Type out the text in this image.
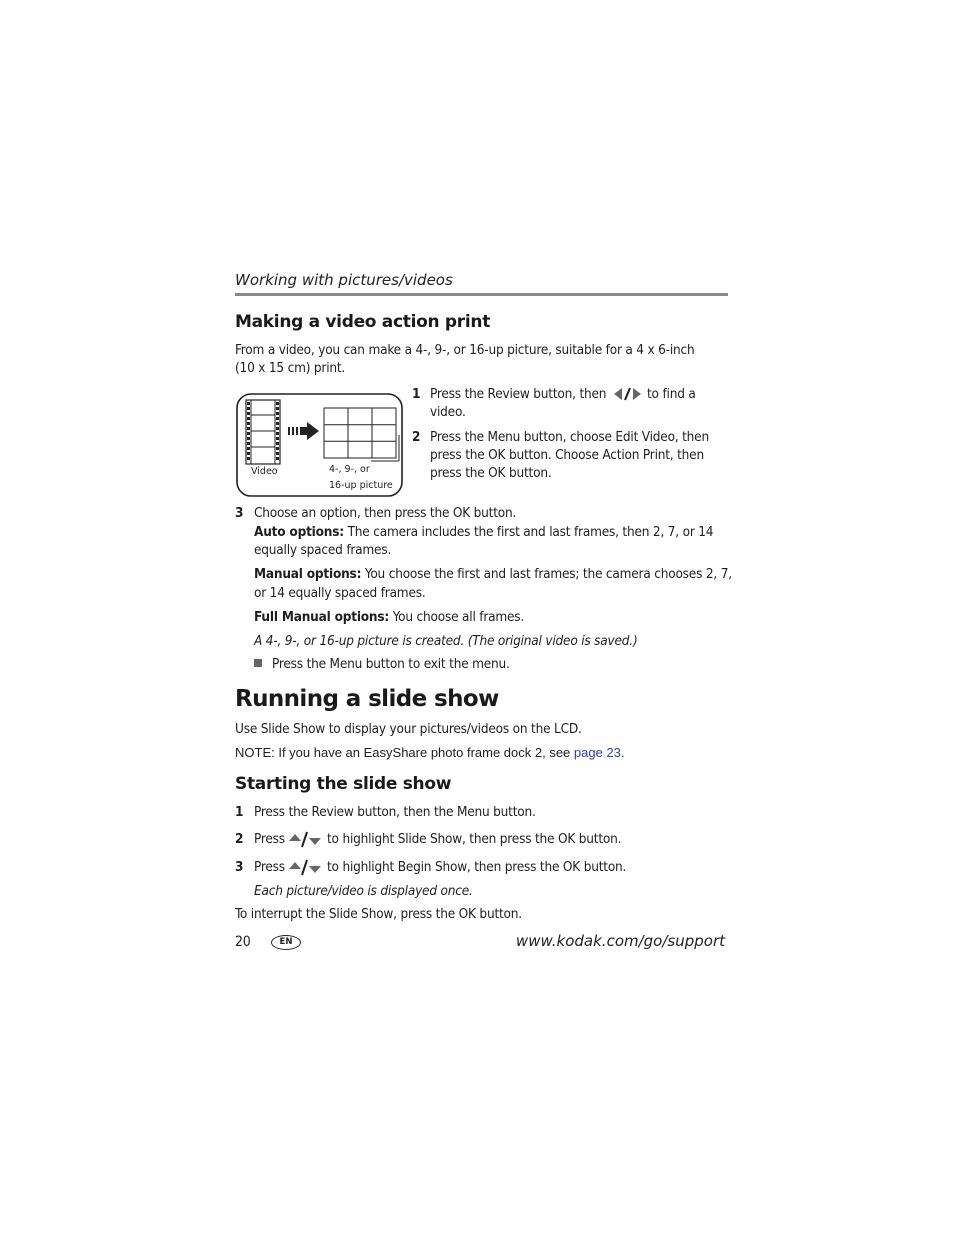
Working with pictures/videos
Making a video action print
From a video, you can make a 4-, 9-, or 16-up picture, suitable for a 4 x 6-inch
(10 x 15 cm) print.
Video	4-, 9-, or
16-up picture
1 Press the Review button, then	to find a
video.
2 Press the Menu button, choose Edit Video, then
press the OK button. Choose Action Print, then
press the OK button.
3 Choose an option, then press the OK button.
Auto options: The camera includes the first and last frames, then 2, 7, or 14
equally spaced frames.
Manual options: You choose the first and last frames; the camera chooses 2, 7,
or 14 equally spaced frames.
Full Manual options: You choose all frames.
A 4-, 9-, or 16-up picture is created. (The original video is saved.)
Press the Menu button to exit the menu.
Running a slide show
Use Slide Show to display your pictures/videos on the LCD.
NOTE: If you have an EasyShare photo frame dock 2, see page 23.
Starting the slide show
1 Press the Review button, then the Menu button.
2 Press	to highlight Slide Show, then press the OK button.
3 Press	to highlight Begin Show, then press the OK button.
Each picture/video is displayed once.
To interrupt the Slide Show, press the OK button.
20	EN	www.kodak.com/go/support
